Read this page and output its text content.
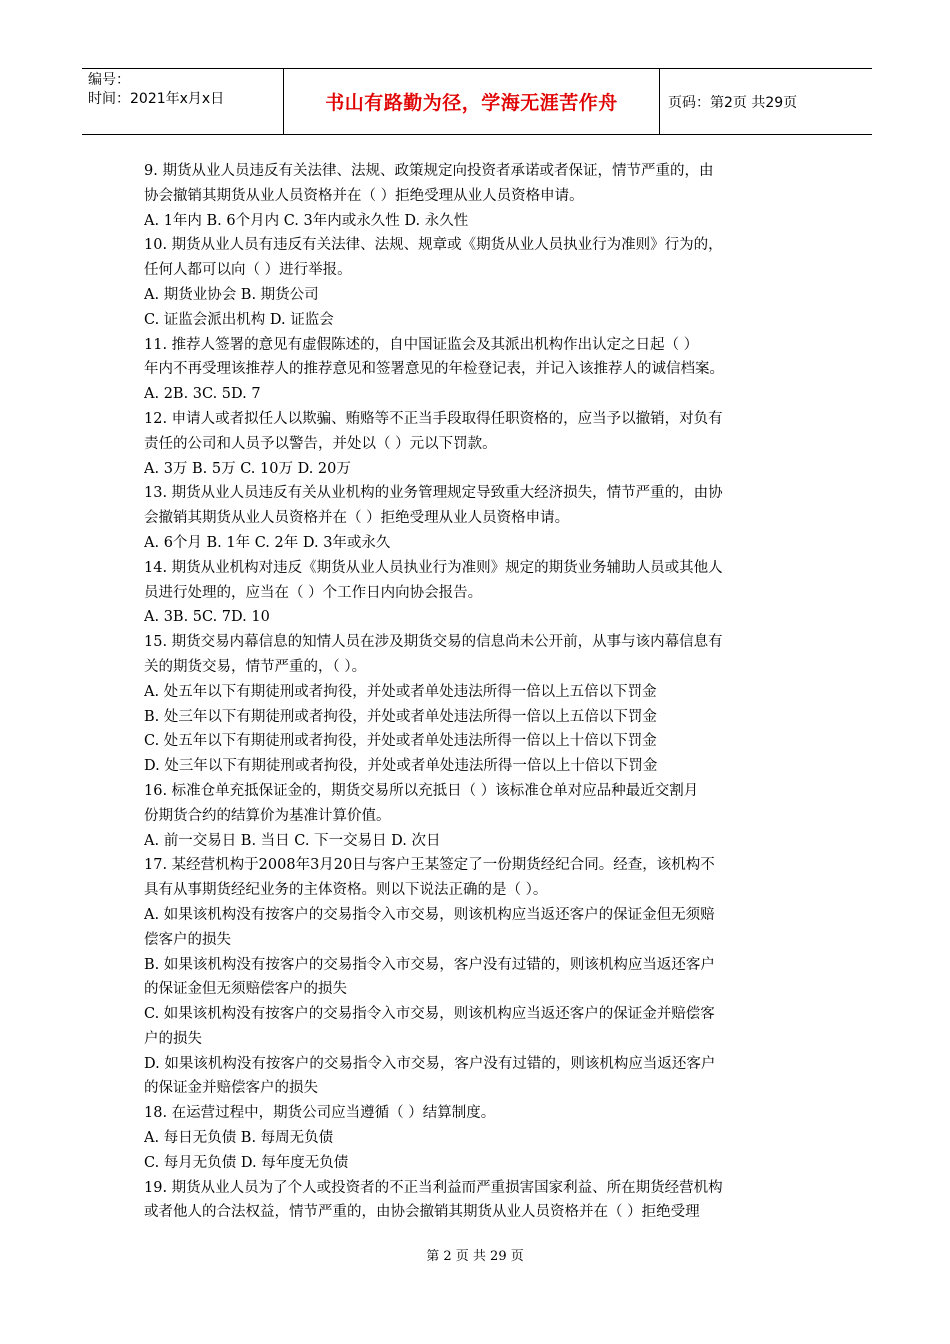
编号：
时间：2021年x月x日	书山有路勤为径，学海无涯苦作舟	页码：第2页 共29页
9. 期货从业人员违反有关法律、法规、政策规定向投资者承诺或者保证，情节严重的，由
协会撤销其期货从业人员资格并在（ ）拒绝受理从业人员资格申请。
A. 1年内 B. 6个月内 C. 3年内或永久性 D. 永久性
10. 期货从业人员有违反有关法律、法规、规章或《期货从业人员执业行为准则》行为的，
任何人都可以向（ ）进行举报。
A. 期货业协会 B. 期货公司
C. 证监会派出机构 D. 证监会
11. 推荐人签署的意见有虚假陈述的，自中国证监会及其派出机构作出认定之日起（ ）
年内不再受理该推荐人的推荐意见和签署意见的年检登记表，并记入该推荐人的诚信档案。
A. 2B. 3C. 5D. 7
12. 申请人或者拟任人以欺骗、贿赂等不正当手段取得任职资格的，应当予以撤销，对负有
责任的公司和人员予以警告，并处以（ ）元以下罚款。
A. 3万 B. 5万 C. 10万 D. 20万
13. 期货从业人员违反有关从业机构的业务管理规定导致重大经济损失，情节严重的，由协
会撤销其期货从业人员资格并在（ ）拒绝受理从业人员资格申请。
A. 6个月 B. 1年 C. 2年 D. 3年或永久
14. 期货从业机构对违反《期货从业人员执业行为准则》规定的期货业务辅助人员或其他人
员进行处理的，应当在（ ）个工作日内向协会报告。
A. 3B. 5C. 7D. 10
15. 期货交易内幕信息的知情人员在涉及期货交易的信息尚未公开前，从事与该内幕信息有
关的期货交易，情节严重的，（ ）。
A. 处五年以下有期徒刑或者拘役，并处或者单处违法所得一倍以上五倍以下罚金
B. 处三年以下有期徒刑或者拘役，并处或者单处违法所得一倍以上五倍以下罚金
C. 处五年以下有期徒刑或者拘役，并处或者单处违法所得一倍以上十倍以下罚金
D. 处三年以下有期徒刑或者拘役，并处或者单处违法所得一倍以上十倍以下罚金
16. 标准仓单充抵保证金的，期货交易所以充抵日（ ）该标准仓单对应品种最近交割月
份期货合约的结算价为基准计算价值。
A. 前一交易日 B. 当日 C. 下一交易日 D. 次日
17. 某经营机构于2008年3月20日与客户王某签定了一份期货经纪合同。经查，该机构不
具有从事期货经纪业务的主体资格。则以下说法正确的是（ ）。
A. 如果该机构没有按客户的交易指令入市交易，则该机构应当返还客户的保证金但无须赔
偿客户的损失
B. 如果该机构没有按客户的交易指令入市交易，客户没有过错的，则该机构应当返还客户
的保证金但无须赔偿客户的损失
C. 如果该机构没有按客户的交易指令入市交易，则该机构应当返还客户的保证金并赔偿客
户的损失
D. 如果该机构没有按客户的交易指令入市交易，客户没有过错的，则该机构应当返还客户
的保证金并赔偿客户的损失
18. 在运营过程中，期货公司应当遵循（ ）结算制度。
A. 每日无负债 B. 每周无负债
C. 每月无负债 D. 每年度无负债
19. 期货从业人员为了个人或投资者的不正当利益而严重损害国家利益、所在期货经营机构
或者他人的合法权益，情节严重的，由协会撤销其期货从业人员资格并在（ ）拒绝受理
第 2 页 共 29 页
